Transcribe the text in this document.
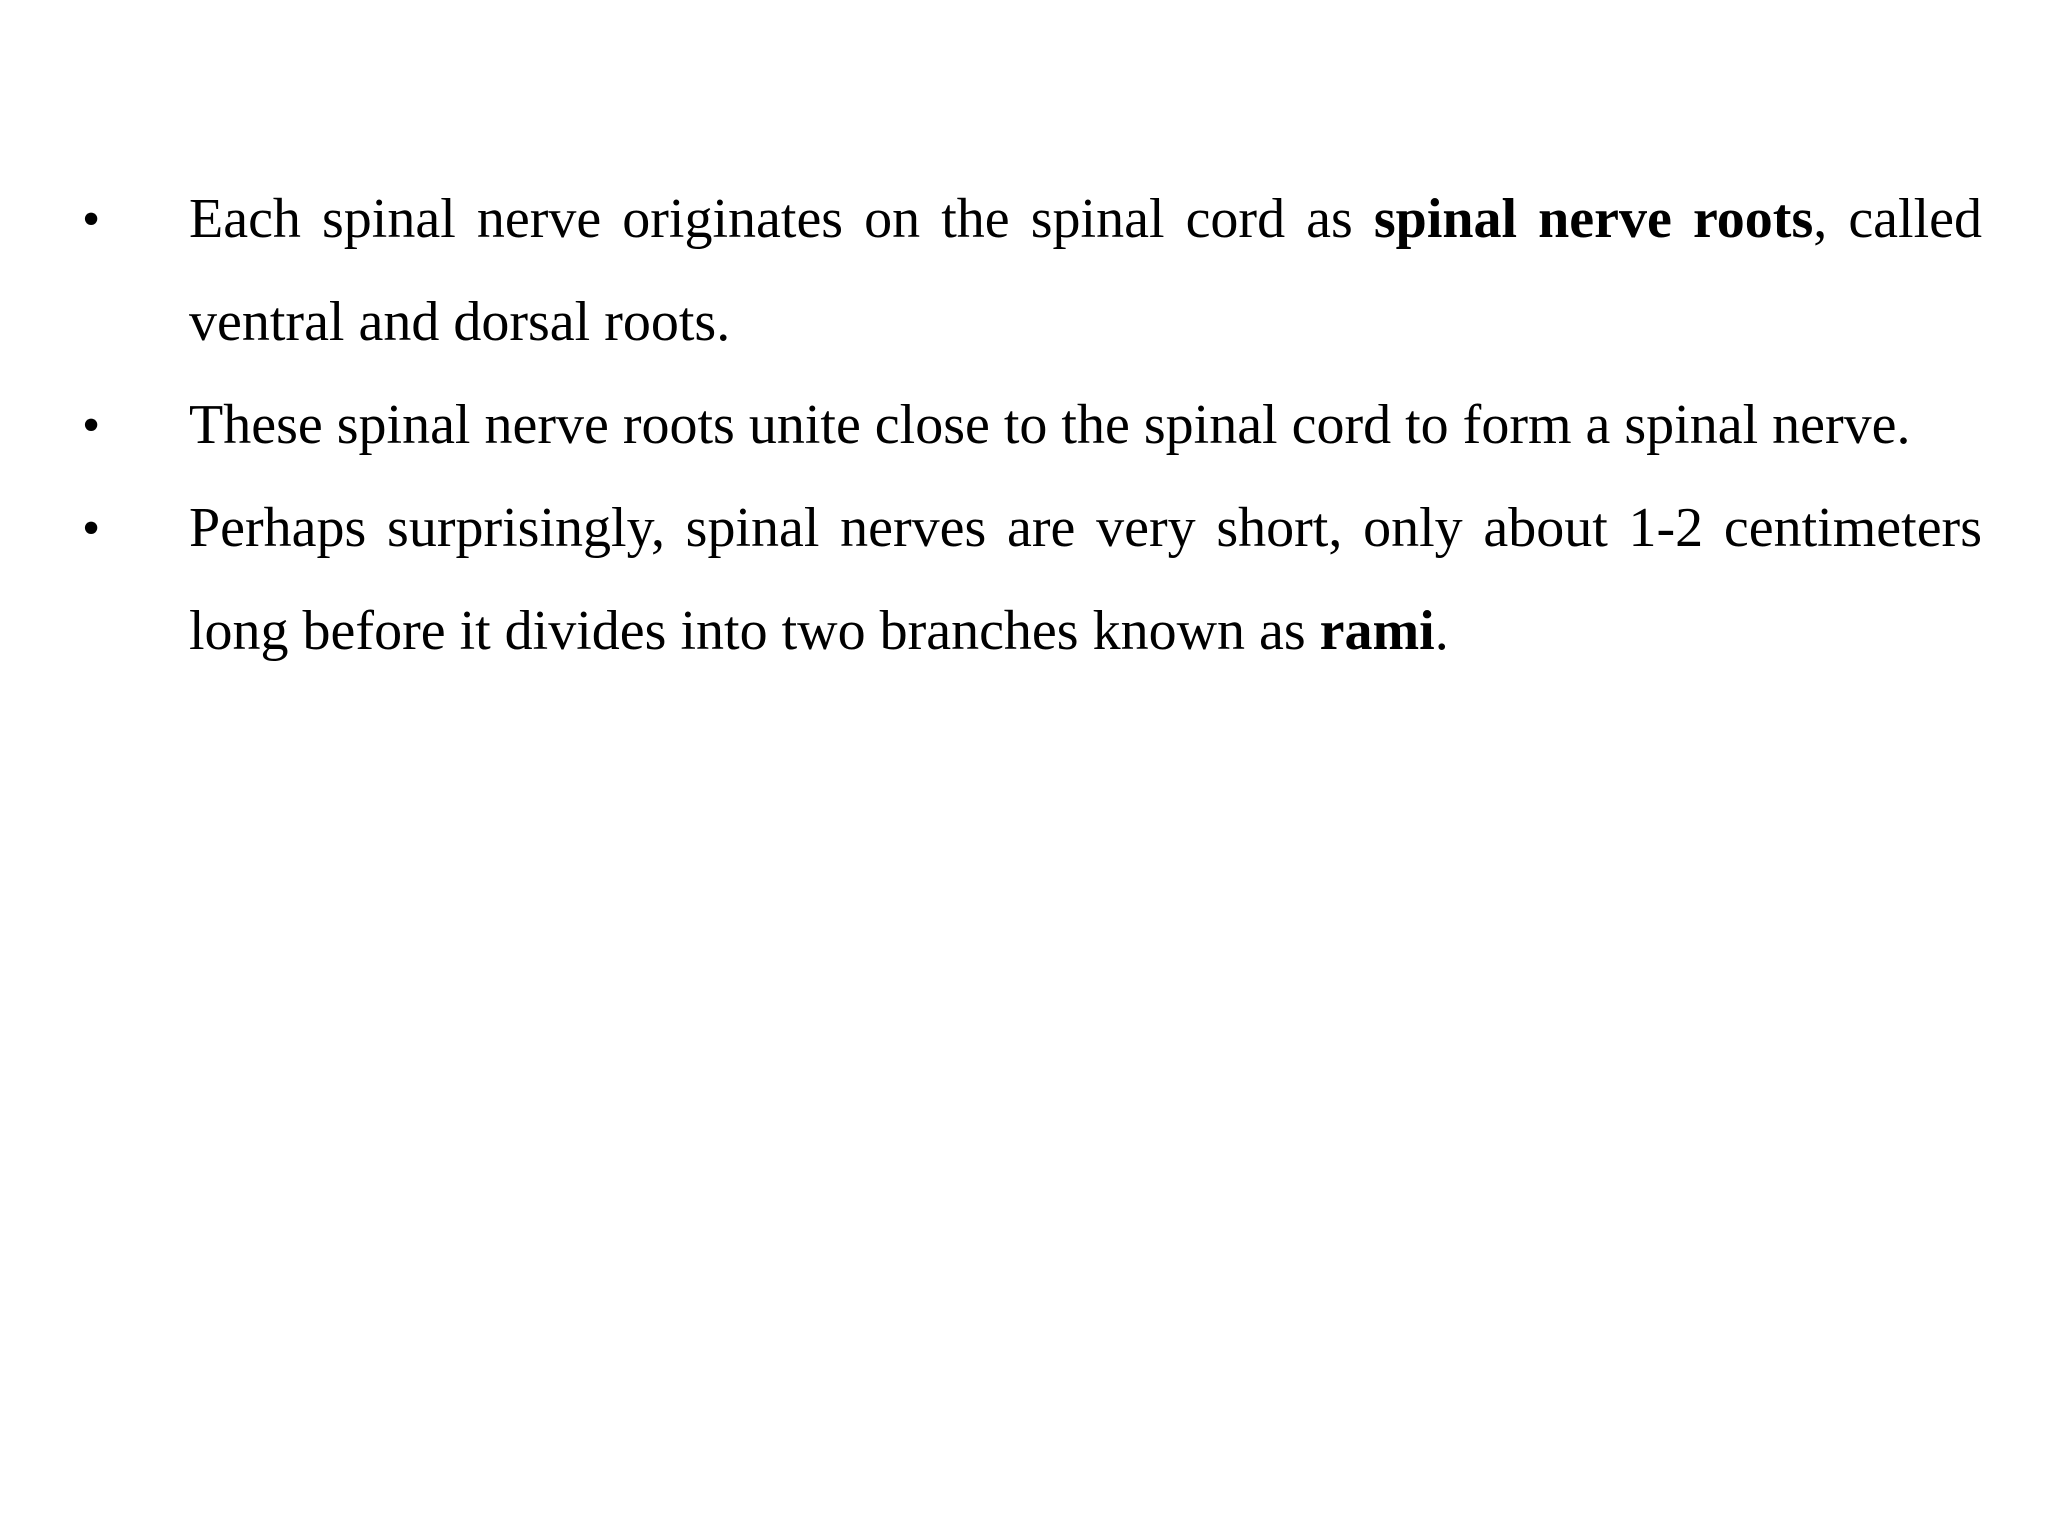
•	Each spinal nerve originates on the spinal cord as spinal nerve roots, called ventral and dorsal roots.
•	These spinal nerve roots unite close to the spinal cord to form a spinal nerve.
•	Perhaps surprisingly, spinal nerves are very short, only about 1-2 centimeters long before it divides into two branches known as rami.
